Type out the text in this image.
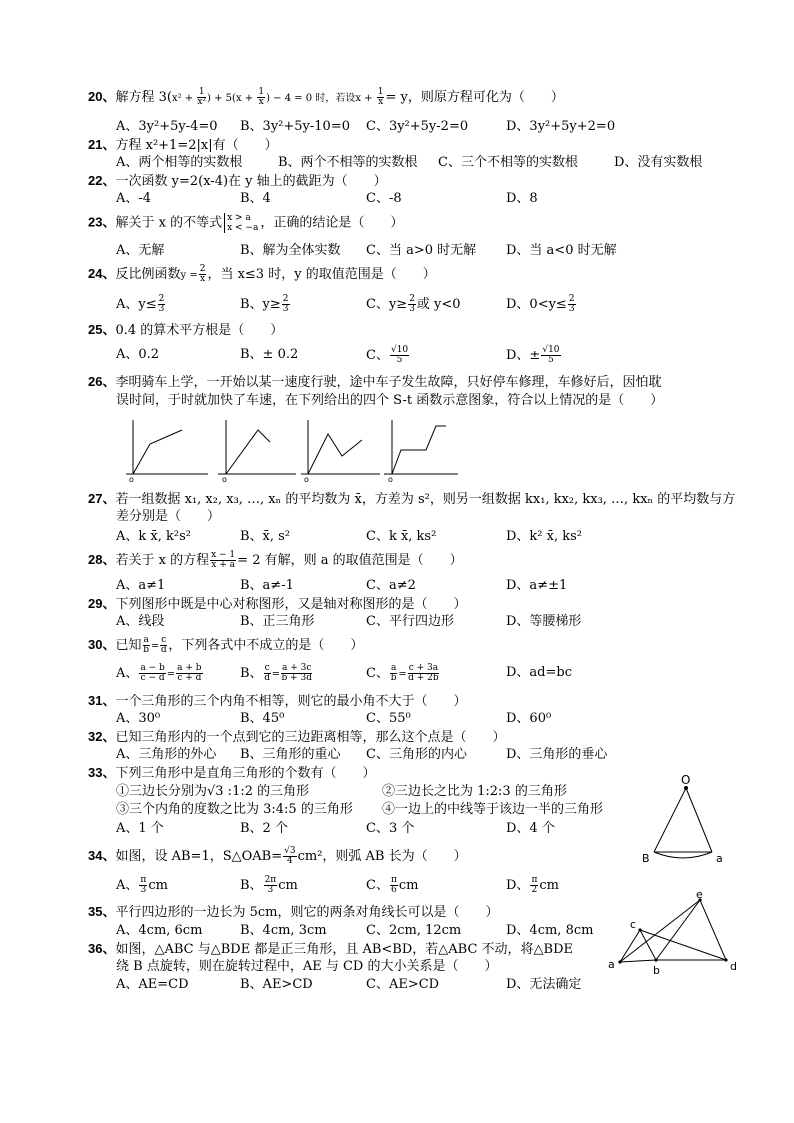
20、解方程 $3(x^2 + \frac{1}{\text{x²}}$ ) + $5(x + \frac{1}{x}$ ) − 4 = 0 时，若设$x + \frac{1}{x} = y$，则原方程可化为（　　）
A、3y²+5y-4=0 B、3y²+5y-10=0 C、3y²+5y-2=0	D、3y²+5y+2=0
21、方程 x²+1=2|x|有（　　）
A、两个相等的实数根	B、两个不相等的实数根 C、三个不相等的实数根	D、没有实数根
22、一次函数 y=2(x-4)在 y 轴上的截距为（　　）
A、-4	B、4	C、-8	D、8
23、解关于 x 的不等式 x > a
x < −a ，正确的结论是（　　）
A、无解	B、解为全体实数 C、当 a>0 时无解 D、当 a<0 时无解
24、反比例函数$y = \frac{2}{x}$ ，当 x≤3 时，y 的取值范围是（　　）
A、$y\le \frac{2}{3}$	B、$y\ge \frac{2}{3}$	C、$y\ge \frac{2}{3}$ 或 y<0	D、$0<y\le \frac{2}{3}$
25、0.4 的算术平方根是（　　）
A、0.2	B、± 0.2	C、 $\frac{√10}{5}$	D、± $\frac{√10}{5}$
26、李明骑车上学，一开始以某一速度行驶，途中车子发生故障，只好停车修理，车修好后，因怕耽
误时间，于时就加快了车速，在下列给出的四个 S-t 函数示意图象，符合以上情况的是（　　）
o	o	o	o
27、若一组数据 x₁, x₂, x₃, …, xₙ 的平均数为 x̄，方差为 s²，则另一组数据 kx₁, kx₂, kx₃, …, kxₙ 的平均数与方
差分别是（　　）
A、k x̄, k²s²	B、x̄, s²	C、k x̄, ks²	D、k² x̄, ks²
28、若关于 x 的方程 $\frac{x - 1}{x + a} = 2$ 有解，则 a 的取值范围是（　　）
A、a≠1	B、a≠-1	C、a≠2	D、a≠±1
29、下列图形中既是中心对称图形，又是轴对称图形的是（　　）
A、线段	B、正三角形	C、平行四边形	D、等腰梯形
30、已知 $\frac{a}{b} = \frac{c}{d}$ ，下列各式中不成立的是（　　）
A、 $\frac{a - b}{c - d} = \frac{a + b}{c + d}$	B、 $\frac{c}{d} = \frac{a + 3c}{b + 3d}$	C、 $\frac{a}{b} = \frac{c + 3a}{d + 2b}$	D、ad=bc
31、一个三角形的三个内角不相等，则它的最小角不大于（　　）
A、30⁰	B、45⁰	C、55⁰	D、60⁰
32、已知三角形内的一个点到它的三边距离相等，那么这个点是（　　）
A、三角形的外心 B、三角形的重心 C、三角形的内心	D、三角形的垂心
33、下列三角形中是直角三角形的个数有（　　）
①三边长分别为√3 :1:2 的三角形	②三边长之比为 1:2:3 的三角形
③三个内角的度数之比为 3:4:5 的三角形 ④一边上的中线等于该边一半的三角形
A、1 个	B、2 个	C、3 个	D、4 个
O
B	a
34、如图，设 AB=1，S△OAB= $\frac{√3}{4} cm^2$，则弧 AB 长为（　　）
A、 $\frac{\pi}{3}$ cm	B、 $\frac{2\pi}{3}$ cm	C、 $\frac{\pi}{6}$ cm	D、 $\frac{\pi}{2}$ cm
35、平行四边形的一边长为 5cm，则它的两条对角线长可以是（　　）
A、4cm, 6cm	B、4cm, 3cm	C、2cm, 12cm	D、4cm, 8cm
a	b
c
d
e
36、如图，△ABC 与△BDE 都是正三角形，且 AB<BD，若△ABC 不动，将△BDE
绕 B 点旋转，则在旋转过程中，AE 与 CD 的大小关系是（　　）
A、AE=CD	B、AE>CD	C、AE>CD	D、无法确定
